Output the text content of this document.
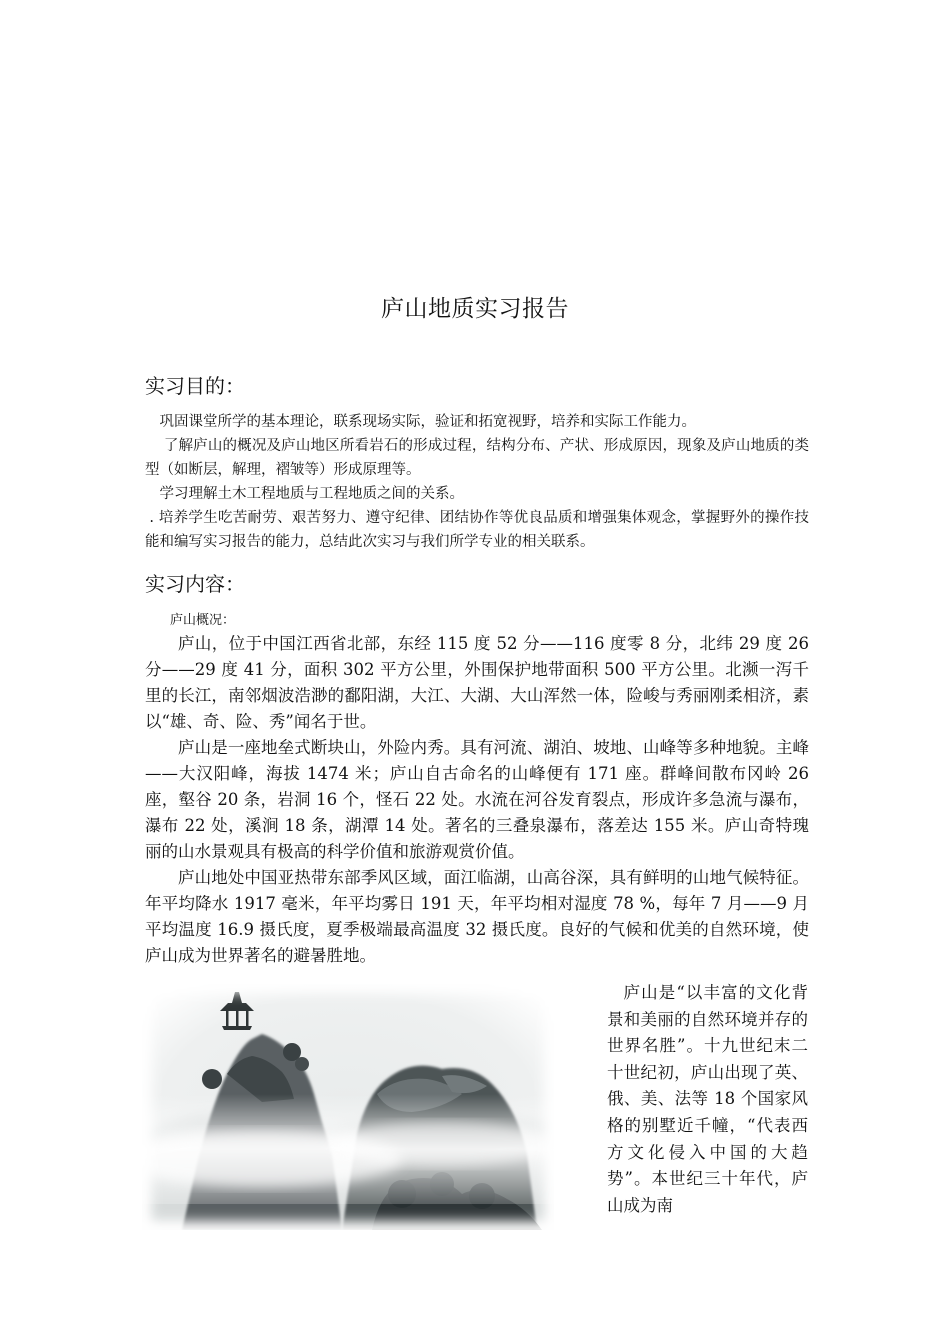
庐山地质实习报告
实习目的：

巩固课堂所学的基本理论，联系现场实际，验证和拓宽视野，培养和实际工作能力。

了解庐山的概况及庐山地区所看岩石的形成过程，结构分布、产状、形成原因，现象及庐山地质的类型（如断层，解理，褶皱等）形成原理等。

学习理解土木工程地质与工程地质之间的关系。

. 培养学生吃苦耐劳、艰苦努力、遵守纪律、团结协作等优良品质和增强集体观念，掌握野外的操作技能和编写实习报告的能力，总结此次实习与我们所学专业的相关联系。

实习内容：
庐山概况：

庐山，位于中国江西省北部，东经 115 度 52 分——116 度零 8 分，北纬 29 度 26 分——29 度 41 分，面积 302 平方公里，外围保护地带面积 500 平方公里。北濒一泻千里的长江，南邻烟波浩渺的鄱阳湖，大江、大湖、大山浑然一体，险峻与秀丽刚柔相济，素以“雄、奇、险、秀”闻名于世。

庐山是一座地垒式断块山，外险内秀。具有河流、湖泊、坡地、山峰等多种地貌。主峰——大汉阳峰，海拔 1474 米；庐山自古命名的山峰便有 171 座。群峰间散布冈岭 26 座，壑谷 20 条，岩洞 16 个，怪石 22 处。水流在河谷发育裂点，形成许多急流与瀑布，瀑布 22 处，溪涧 18 条，湖潭 14 处。著名的三叠泉瀑布，落差达 155 米。庐山奇特瑰丽的山水景观具有极高的科学价值和旅游观赏价值。

庐山地处中国亚热带东部季风区域，面江临湖，山高谷深，具有鲜明的山地气候特征。年平均降水 1917 毫米，年平均雾日 191 天，年平均相对湿度 78 %，每年 7 月——9 月平均温度 16.9 摄氏度，夏季极端最高温度 32 摄氏度。良好的气候和优美的自然环境，使庐山成为世界著名的避暑胜地。

庐山是“以丰富的文化背景和美丽的自然环境并存的世界名胜”。十九世纪末二十世纪初，庐山出现了英、俄、美、法等 18 个国家风格的别墅近千幢，“代表西方文化侵入中国的大趋势”。本世纪三十年代，庐山成为南
